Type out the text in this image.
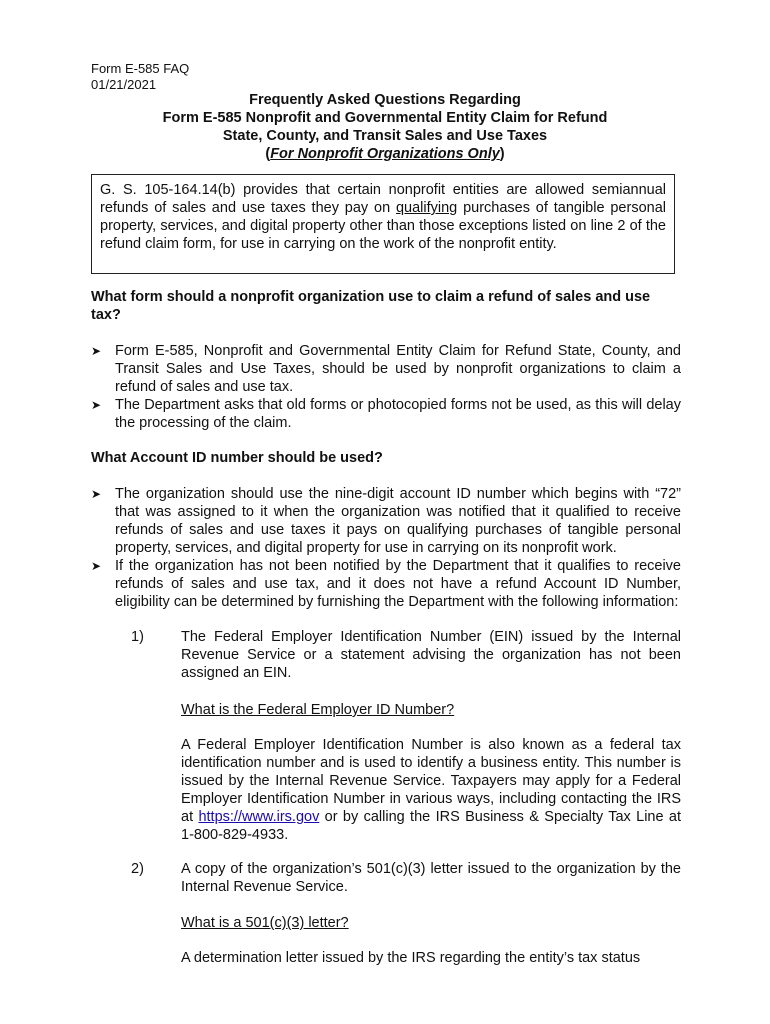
Form E-585 FAQ
01/21/2021
Frequently Asked Questions Regarding
Form E-585 Nonprofit and Governmental Entity Claim for Refund
State, County, and Transit Sales and Use Taxes
(For Nonprofit Organizations Only)
G. S. 105-164.14(b) provides that certain nonprofit entities are allowed semiannual refunds of sales and use taxes they pay on qualifying purchases of tangible personal property, services, and digital property other than those exceptions listed on line 2 of the refund claim form, for use in carrying on the work of the nonprofit entity.
What form should a nonprofit organization use to claim a refund of sales and use tax?
➤ Form E-585, Nonprofit and Governmental Entity Claim for Refund State, County, and Transit Sales and Use Taxes, should be used by nonprofit organizations to claim a refund of sales and use tax.
➤ The Department asks that old forms or photocopied forms not be used, as this will delay the processing of the claim.
What Account ID number should be used?
➤ The organization should use the nine-digit account ID number which begins with “72” that was assigned to it when the organization was notified that it qualified to receive refunds of sales and use taxes it pays on qualifying purchases of tangible personal property, services, and digital property for use in carrying on its nonprofit work.
➤ If the organization has not been notified by the Department that it qualifies to receive refunds of sales and use tax, and it does not have a refund Account ID Number, eligibility can be determined by furnishing the Department with the following information:
1)	The Federal Employer Identification Number (EIN) issued by the Internal Revenue Service or a statement advising the organization has not been assigned an EIN.
What is the Federal Employer ID Number?
A Federal Employer Identification Number is also known as a federal tax identification number and is used to identify a business entity. This number is issued by the Internal Revenue Service. Taxpayers may apply for a Federal Employer Identification Number in various ways, including contacting the IRS at https://www.irs.gov or by calling the IRS Business & Specialty Tax Line at 1-800-829-4933.
2)	A copy of the organization’s 501(c)(3) letter issued to the organization by the Internal Revenue Service.
What is a 501(c)(3) letter?
A determination letter issued by the IRS regarding the entity’s tax status
